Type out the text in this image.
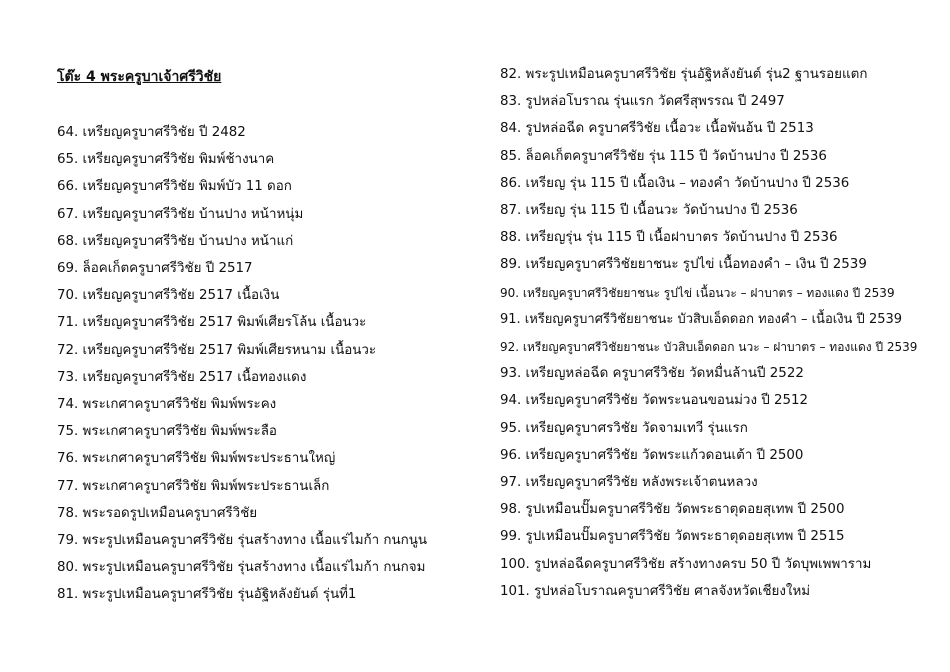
โต๊ะ 4 พระครูบาเจ้าศรีวิชัย
64. เหรียญครูบาศรีวิชัย ปี 2482
65. เหรียญครูบาศรีวิชัย พิมพ์ช้างนาค
66. เหรียญครูบาศรีวิชัย พิมพ์บัว 11 ดอก
67. เหรียญครูบาศรีวิชัย บ้านปาง หน้าหนุ่ม
68. เหรียญครูบาศรีวิชัย บ้านปาง หน้าแก่
69. ล็อคเก็ตครูบาศรีวิชัย ปี 2517
70. เหรียญครูบาศรีวิชัย 2517 เนื้อเงิน
71. เหรียญครูบาศรีวิชัย 2517 พิมพ์เศียรโล้น เนื้อนวะ
72. เหรียญครูบาศรีวิชัย 2517 พิมพ์เศียรหนาม เนื้อนวะ
73. เหรียญครูบาศรีวิชัย 2517 เนื้อทองแดง
74. พระเกศาครูบาศรีวิชัย พิมพ์พระคง
75. พระเกศาครูบาศรีวิชัย พิมพ์พระลือ
76. พระเกศาครูบาศรีวิชัย พิมพ์พระประธานใหญ่
77. พระเกศาครูบาศรีวิชัย พิมพ์พระประธานเล็ก
78. พระรอดรูปเหมือนครูบาศรีวิชัย
79. พระรูปเหมือนครูบาศรีวิชัย รุ่นสร้างทาง เนื้อแร่ไมก้า กนกนูน
80. พระรูปเหมือนครูบาศรีวิชัย รุ่นสร้างทาง เนื้อแร่ไมก้า กนกจม
81. พระรูปเหมือนครูบาศรีวิชัย รุ่นอัฐิหลังยันต์ รุ่นที่1
82. พระรูปเหมือนครูบาศรีวิชัย รุ่นอัฐิหลังยันต์ รุ่น2 ฐานรอยแตก
83. รูปหล่อโบราณ รุ่นแรก วัดศรีสุพรรณ ปี 2497
84. รูปหล่อฉีด ครูบาศรีวิชัย เนื้อวะ เนื้อพันอ้น ปี 2513
85. ล็อคเก็ตครูบาศรีวิชัย รุ่น 115 ปี วัดบ้านปาง ปี 2536
86. เหรียญ รุ่น 115 ปี เนื้อเงิน – ทองคำ วัดบ้านปาง ปี 2536
87. เหรียญ รุ่น 115 ปี เนื้อนวะ วัดบ้านปาง ปี 2536
88. เหรียญรุ่น รุ่น 115 ปี เนื้อฝาบาตร วัดบ้านปาง ปี 2536
89. เหรียญครูบาศรีวิชัยยาชนะ รูปไข่ เนื้อทองคำ – เงิน ปี 2539
90. เหรียญครูบาศรีวิชัยยาชนะ รูปไข่ เนื้อนวะ – ฝาบาตร – ทองแดง ปี 2539
91. เหรียญครูบาศรีวิชัยยาชนะ บัวสิบเอ็ดดอก ทองคำ – เนื้อเงิน ปี 2539
92. เหรียญครูบาศรีวิชัยยาชนะ บัวสิบเอ็ดดอก นวะ – ฝาบาตร – ทองแดง ปี 2539
93. เหรียญหล่อฉีด ครูบาศรีวิชัย วัดหมื่นล้านปี 2522
94. เหรียญครูบาศรีวิชัย วัดพระนอนขอนม่วง ปี 2512
95. เหรียญครูบาศรวิชัย วัดจามเทวี รุ่นแรก
96. เหรียญครูบาศรีวิชัย วัดพระแก้วดอนเต้า ปี 2500
97. เหรียญครูบาศรีวิชัย หลังพระเจ้าตนหลวง
98. รูปเหมือนปั๊มครูบาศรีวิชัย วัดพระธาตุดอยสุเทพ ปี 2500
99. รูปเหมือนปั๊มครูบาศรีวิชัย วัดพระธาตุดอยสุเทพ ปี 2515
100. รูปหล่อฉีดครูบาศรีวิชัย สร้างทางครบ 50 ปี วัดบุพเพพาราม
101. รูปหล่อโบราณครูบาศรีวิชัย ศาลจังหวัดเชียงใหม่
